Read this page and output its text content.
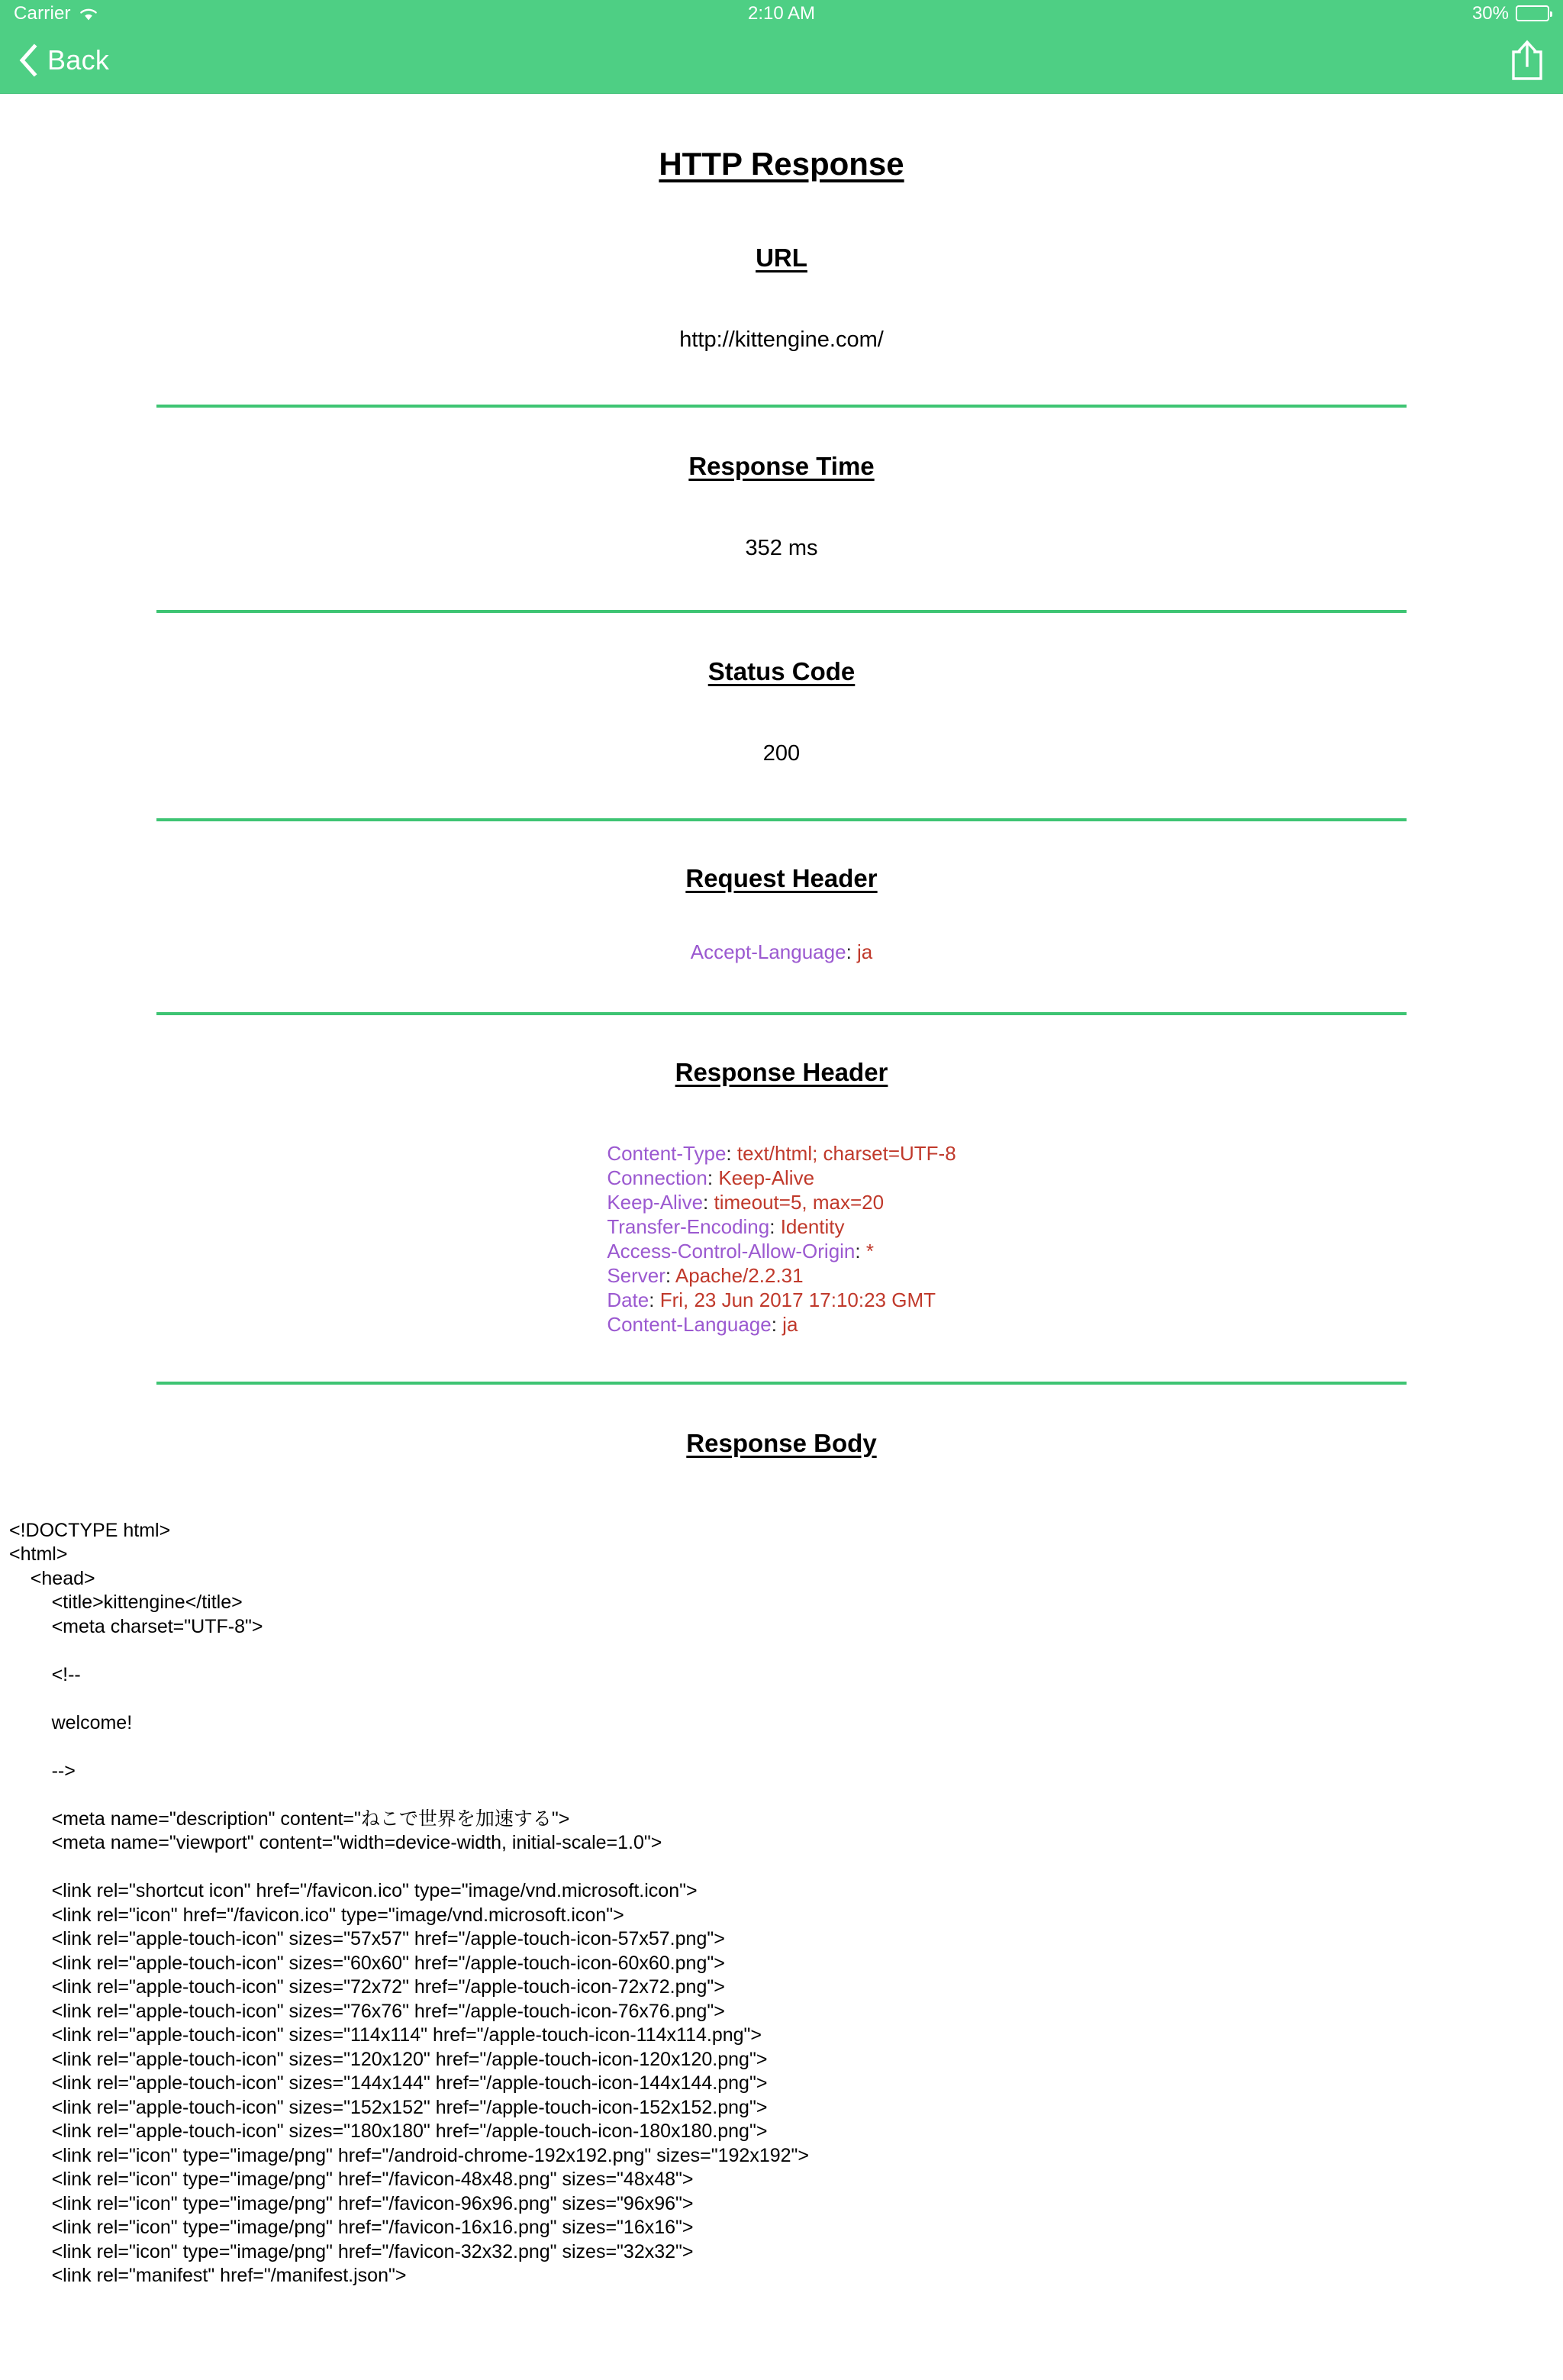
Carrier	2:10 AM	30%
Back
HTTP Response
URL
http://kittengine.com/
Response Time
352 ms
Status Code
200
Request Header
Accept-Language: ja
Response Header
Content-Type: text/html; charset=UTF-8
Connection: Keep-Alive
Keep-Alive: timeout=5, max=20
Transfer-Encoding: Identity
Access-Control-Allow-Origin: *
Server: Apache/2.2.31
Date: Fri, 23 Jun 2017 17:10:23 GMT
Content-Language: ja
Response Body
<!DOCTYPE html>
<html>
<head>
<title>kittengine</title>
<meta charset="UTF-8">

<!--

welcome!

-->

<meta name="description" content="ねこで世界を加速する">
<meta name="viewport" content="width=device-width, initial-scale=1.0">

<link rel="shortcut icon" href="/favicon.ico" type="image/vnd.microsoft.icon">
<link rel="icon" href="/favicon.ico" type="image/vnd.microsoft.icon">
<link rel="apple-touch-icon" sizes="57x57" href="/apple-touch-icon-57x57.png">
<link rel="apple-touch-icon" sizes="60x60" href="/apple-touch-icon-60x60.png">
<link rel="apple-touch-icon" sizes="72x72" href="/apple-touch-icon-72x72.png">
<link rel="apple-touch-icon" sizes="76x76" href="/apple-touch-icon-76x76.png">
<link rel="apple-touch-icon" sizes="114x114" href="/apple-touch-icon-114x114.png">
<link rel="apple-touch-icon" sizes="120x120" href="/apple-touch-icon-120x120.png">
<link rel="apple-touch-icon" sizes="144x144" href="/apple-touch-icon-144x144.png">
<link rel="apple-touch-icon" sizes="152x152" href="/apple-touch-icon-152x152.png">
<link rel="apple-touch-icon" sizes="180x180" href="/apple-touch-icon-180x180.png">
<link rel="icon" type="image/png" href="/android-chrome-192x192.png" sizes="192x192">
<link rel="icon" type="image/png" href="/favicon-48x48.png" sizes="48x48">
<link rel="icon" type="image/png" href="/favicon-96x96.png" sizes="96x96">
<link rel="icon" type="image/png" href="/favicon-16x16.png" sizes="16x16">
<link rel="icon" type="image/png" href="/favicon-32x32.png" sizes="32x32">
<link rel="manifest" href="/manifest.json">
